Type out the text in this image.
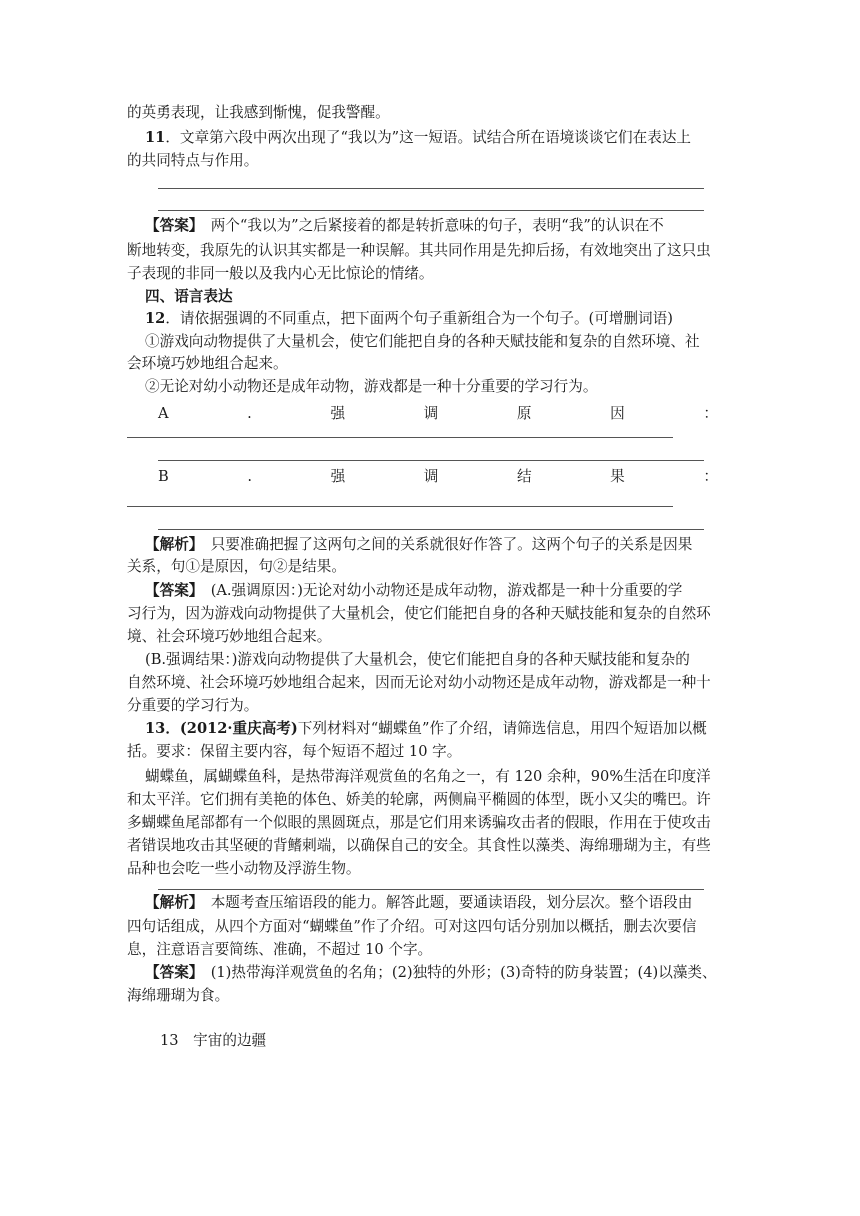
的英勇表现，让我感到惭愧，促我警醒。
11．文章第六段中两次出现了“我以为”这一短语。试结合所在语境谈谈它们在表达上
的共同特点与作用。
【答案】　 两个“我以为”之后紧接着的都是转折意味的句子，表明“我”的认识在不
断地转变，我原先的认识其实都是一种误解。其共同作用是先抑后扬，有效地突出了这只虫
子表现的非同一般以及我内心无比惊论的情绪。
四、语言表达
12．请依据强调的不同重点，把下面两个句子重新组合为一个句子。(可增删词语)
①游戏向动物提供了大量机会，使它们能把自身的各种天赋技能和复杂的自然环境、社
会环境巧妙地组合起来。
②无论对幼小动物还是成年动物，游戏都是一种十分重要的学习行为。
A	.	强	调	原	因	：
B	.	强	调	结	果	：
【解析】　 只要准确把握了这两句之间的关系就很好作答了。这两个句子的关系是因果
关系，句①是原因，句②是结果。
【答案】　 (A.强调原因：)无论对幼小动物还是成年动物，游戏都是一种十分重要的学
习行为，因为游戏向动物提供了大量机会，使它们能把自身的各种天赋技能和复杂的自然环
境、社会环境巧妙地组合起来。
(B.强调结果：)游戏向动物提供了大量机会，使它们能把自身的各种天赋技能和复杂的
自然环境、社会环境巧妙地组合起来，因而无论对幼小动物还是成年动物，游戏都是一种十
分重要的学习行为。
13．(2012·重庆高考)下列材料对“蝴蝶鱼”作了介绍，请筛选信息，用四个短语加以概
括。要求：保留主要内容，每个短语不超过 10 字。
蝴蝶鱼，属蝴蝶鱼科，是热带海洋观赏鱼的名角之一，有 120 余种，90%生活在印度洋
和太平洋。它们拥有美艳的体色、娇美的轮廓，两侧扁平椭圆的体型，既小又尖的嘴巴。许
多蝴蝶鱼尾部都有一个似眼的黑圆斑点，那是它们用来诱骗攻击者的假眼，作用在于使攻击
者错误地攻击其坚硬的背鳍刺端，以确保自己的安全。其食性以藻类、海绵珊瑚为主，有些
品种也会吃一些小动物及浮游生物。
【解析】　 本题考查压缩语段的能力。解答此题，要通读语段，划分层次。整个语段由
四句话组成，从四个方面对“蝴蝶鱼”作了介绍。可对这四句话分别加以概括，删去次要信
息，注意语言要简练、准确，不超过 10 个字。
【答案】　 (1)热带海洋观赏鱼的名角；(2)独特的外形；(3)奇特的防身装置；(4)以藻类、
海绵珊瑚为食。
13　宇宙的边疆
